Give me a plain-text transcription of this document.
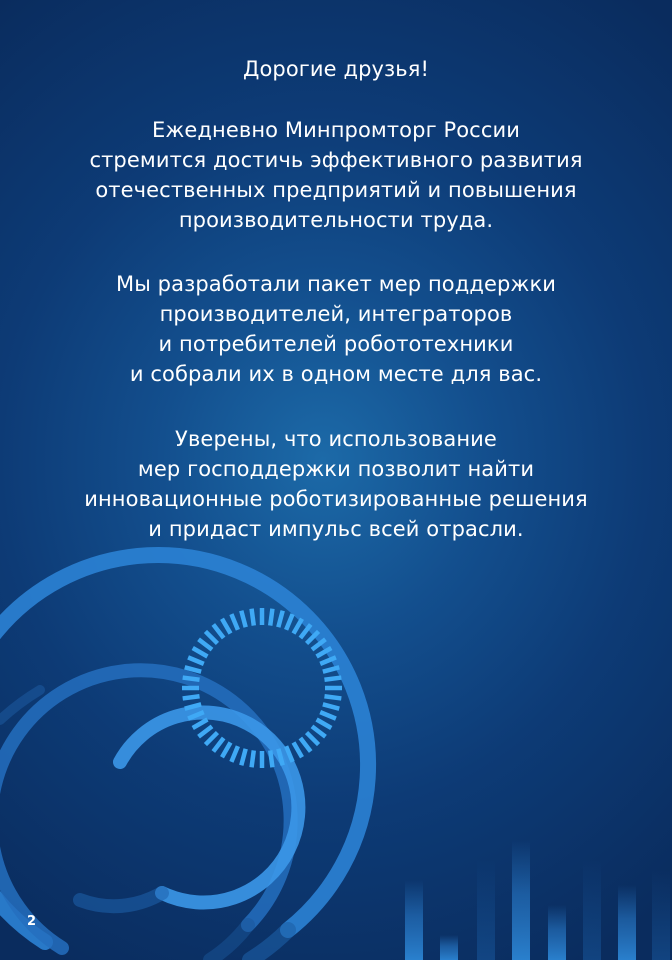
Дорогие друзья!
Ежедневно Минпромторг России
стремится достичь эффективного развития
отечественных предприятий и повышения
производительности труда.
Мы разработали пакет мер поддержки
производителей, интеграторов
и потребителей робототехники
и собрали их в одном месте для вас.
Уверены, что использование
мер господдержки позволит найти
инновационные роботизированные решения
и придаст импульс всей отрасли.
2
